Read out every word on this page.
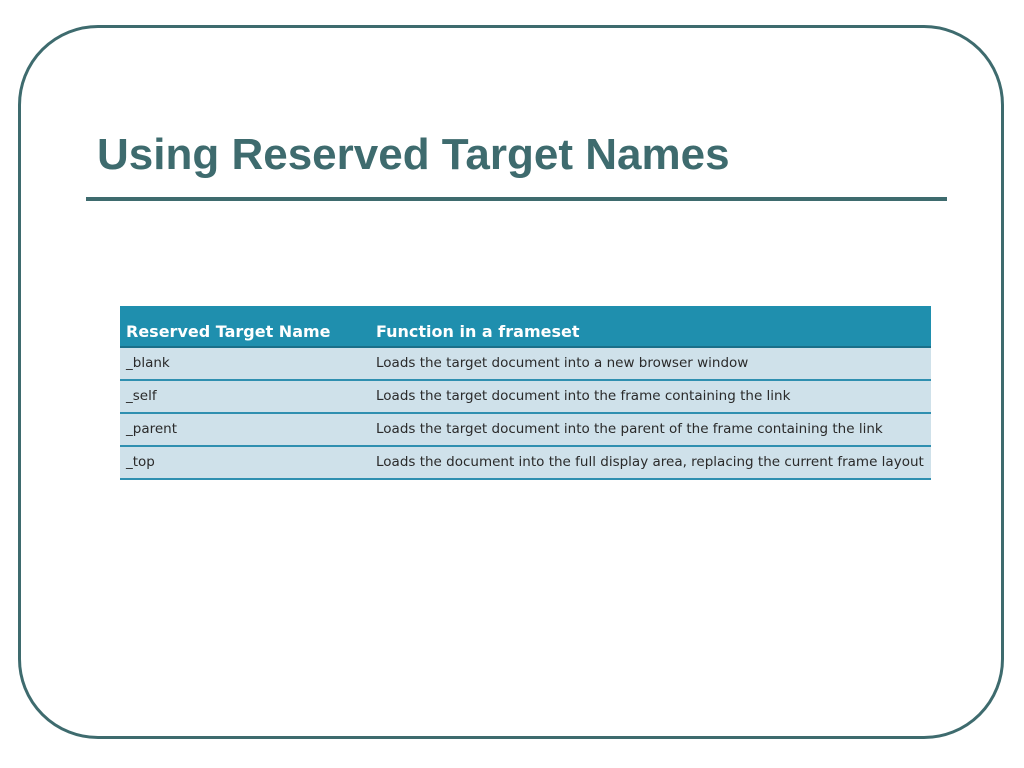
Using Reserved Target Names
Reserved Target Name	Function in a frameset
_blank	Loads the target document into a new browser window
_self	Loads the target document into the frame containing the link
_parent	Loads the target document into the parent of the frame containing the link
_top	Loads the document into the full display area, replacing the current frame layout
